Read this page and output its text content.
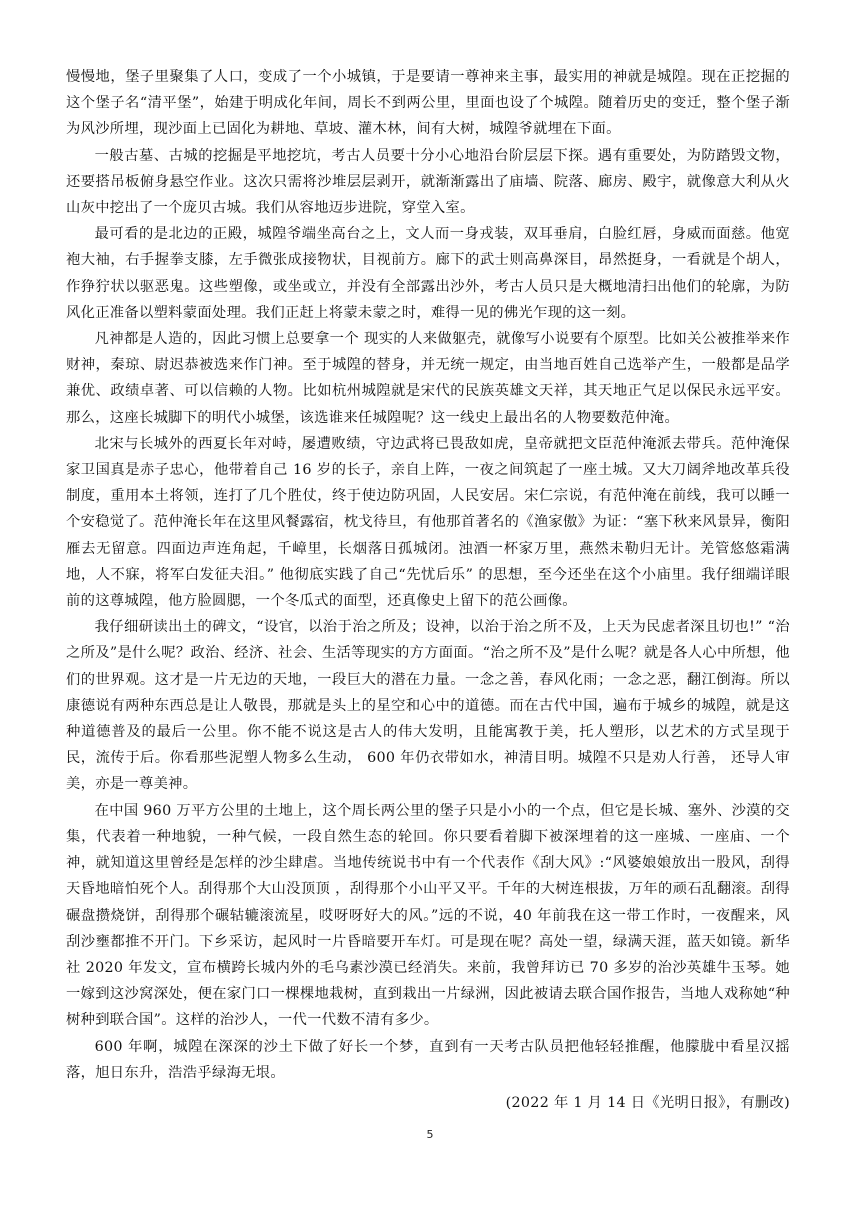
慢慢地，堡子里聚集了人口，变成了一个小城镇，于是要请一尊神来主事，最实用的神就是城隍。现在正挖掘的这个堡子名“清平堡”，始建于明成化年间，周长不到两公里，里面也设了个城隍。随着历史的变迁，整个堡子渐为风沙所埋，现沙面上已固化为耕地、草坡、灌木林，间有大树，城隍爷就埋在下面。

一般古墓、古城的挖掘是平地挖坑，考古人员要十分小心地沿台阶层层下探。遇有重要处，为防踏毁文物，还要搭吊板俯身悬空作业。这次只需将沙堆层层剥开，就渐渐露出了庙墙、院落、廊房、殿宇，就像意大利从火山灰中挖出了一个庞贝古城。我们从容地迈步进院，穿堂入室。

最可看的是北边的正殿，城隍爷端坐高台之上，文人而一身戎装，双耳垂肩，白脸红唇，身威而面慈。他宽袍大袖，右手握拳支膝，左手微张成接物状，目视前方。廊下的武士则高鼻深目，昂然挺身，一看就是个胡人，作狰狞状以驱恶鬼。这些塑像，或坐或立，并没有全部露出沙外，考古人员只是大概地清扫出他们的轮廓，为防风化正准备以塑料蒙面处理。我们正赶上将蒙未蒙之时，难得一见的佛光乍现的这一刻。

凡神都是人造的，因此习惯上总要拿一个 现实的人来做躯壳，就像写小说要有个原型。比如关公被推举来作财神，秦琼、尉迟恭被选来作门神。至于城隍的替身，并无统一规定，由当地百姓自己选举产生，一般都是品学兼优、政绩卓著、可以信赖的人物。比如杭州城隍就是宋代的民族英雄文天祥，其天地正气足以保民永远平安。那么，这座长城脚下的明代小城堡，该选谁来任城隍呢？这一线史上最出名的人物要数范仲淹。

北宋与长城外的西夏长年对峙，屡遭败绩，守边武将已畏敌如虎，皇帝就把文臣范仲淹派去带兵。范仲淹保家卫国真是赤子忠心，他带着自己 16 岁的长子，亲自上阵，一夜之间筑起了一座土城。又大刀阔斧地改革兵役制度，重用本土将领，连打了几个胜仗，终于使边防巩固，人民安居。宋仁宗说，有范仲淹在前线，我可以睡一个安稳觉了。范仲淹长年在这里风餐露宿，枕戈待旦，有他那首著名的《渔家傲》为证：“塞下秋来风景异，衡阳雁去无留意。四面边声连角起，千嶂里，长烟落日孤城闭。浊酒一杯家万里，燕然未勒归无计。羌管悠悠霜满地，人不寐，将军白发征夫泪。” 他彻底实践了自己“先忧后乐” 的思想，至今还坐在这个小庙里。我仔细端详眼前的这尊城隍，他方脸圆腮，一个冬瓜式的面型，还真像史上留下的范公画像。

我仔细研读出土的碑文，“设官，以治于治之所及；设神，以治于治之所不及，上天为民虑者深且切也!” “治之所及”是什么呢？政治、经济、社会、生活等现实的方方面面。“治之所不及”是什么呢？就是各人心中所想，他们的世界观。这才是一片无边的天地，一段巨大的潜在力量。一念之善，春风化雨；一念之恶，翻江倒海。所以康德说有两种东西总是让人敬畏，那就是头上的星空和心中的道德。而在古代中国，遍布于城乡的城隍，就是这种道德普及的最后一公里。你不能不说这是古人的伟大发明，且能寓教于美，托人塑形，以艺术的方式呈现于民，流传于后。你看那些泥塑人物多么生动， 600 年仍衣带如水，神清目明。城隍不只是劝人行善， 还导人审美，亦是一尊美神。

在中国 960 万平方公里的土地上，这个周长两公里的堡子只是小小的一个点，但它是长城、塞外、沙漠的交集，代表着一种地貌，一种气候，一段自然生态的轮回。你只要看着脚下被深埋着的这一座城、一座庙、一个神，就知道这里曾经是怎样的沙尘肆虐。当地传统说书中有一个代表作《刮大风》:“风婆娘娘放出一股风，刮得天昏地暗怕死个人。刮得那个大山没顶顶 ，刮得那个小山平又平。千年的大树连根拔，万年的顽石乱翻滚。刮得碾盘攒烧饼，刮得那个碾轱辘滚流星，哎呀呀好大的风。”远的不说，40 年前我在这一带工作时，一夜醒来，风刮沙壅都推不开门。下乡采访，起风时一片昏暗要开车灯。可是现在呢？高处一望，绿满天涯，蓝天如镜。新华社 2020 年发文，宣布横跨长城内外的毛乌素沙漠已经消失。来前，我曾拜访已 70 多岁的治沙英雄牛玉琴。她一嫁到这沙窝深处，便在家门口一棵棵地栽树，直到栽出一片绿洲，因此被请去联合国作报告，当地人戏称她“种树种到联合国”。这样的治沙人，一代一代数不清有多少。

600 年啊，城隍在深深的沙土下做了好长一个梦，直到有一天考古队员把他轻轻推醒，他朦胧中看星汉摇落，旭日东升，浩浩乎绿海无垠。

(2022 年 1 月 14 日《光明日报》，有删改)

5
